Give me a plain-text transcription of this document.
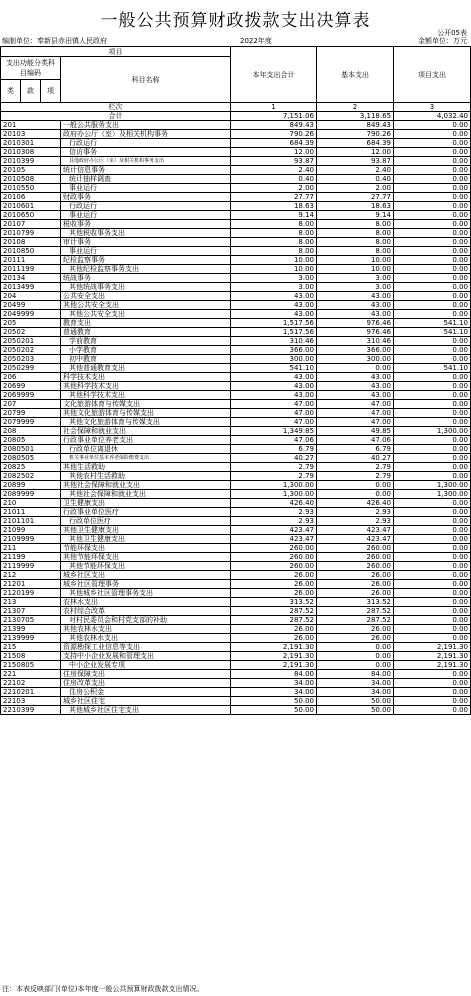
一般公共预算财政拨款支出决算表
公开05表
编制单位：奉新县赤田镇人民政府	2022年度	金额单位：万元
项目				本年支出合计	基本支出	项目支出
支出功能分类科目编码			科目名称			
类	款	项				
栏次				1	2	3
合计				7,151.06	3,118.65	4,032.40
201			一般公共服务支出	849.43	849.43	0.00
20103			政府办公厅（室）及相关机构事务	790.26	790.26	0.00
2010301			行政运行	684.39	684.39	0.00
2010308			信访事务	12.00	12.00	0.00
2010399			其他政府办公厅（室）及相关机构事务支出	93.87	93.87	0.00
20105			统计信息事务	2.40	2.40	0.00
2010508			统计抽样调查	0.40	0.40	0.00
2010550			事业运行	2.00	2.00	0.00
20106			财政事务	27.77	27.77	0.00
2010601			行政运行	18.63	18.63	0.00
2010650			事业运行	9.14	9.14	0.00
20107			税收事务	8.00	8.00	0.00
2010799			其他税收事务支出	8.00	8.00	0.00
20108			审计事务	8.00	8.00	0.00
2010850			事业运行	8.00	8.00	0.00
20111			纪检监察事务	10.00	10.00	0.00
2011199			其他纪检监察事务支出	10.00	10.00	0.00
20134			统战事务	3.00	3.00	0.00
2013499			其他统战事务支出	3.00	3.00	0.00
204			公共安全支出	43.00	43.00	0.00
20499			其他公共安全支出	43.00	43.00	0.00
2049999			其他公共安全支出	43.00	43.00	0.00
205			教育支出	1,517.56	976.46	541.10
20502			普通教育	1,517.56	976.46	541.10
2050201			学前教育	310.46	310.46	0.00
2050202			小学教育	366.00	366.00	0.00
2050203			初中教育	300.00	300.00	0.00
2050299			其他普通教育支出	541.10	0.00	541.10
206			科学技术支出	43.00	43.00	0.00
20699			其他科学技术支出	43.00	43.00	0.00
2069999			其他科学技术支出	43.00	43.00	0.00
207			文化旅游体育与传媒支出	47.00	47.00	0.00
20799			其他文化旅游体育与传媒支出	47.00	47.00	0.00
2079999			其他文化旅游体育与传媒支出	47.00	47.00	0.00
208			社会保障和就业支出	1,349.85	49.85	1,300.00
20805			行政事业单位养老支出	47.06	47.06	0.00
2080501			行政单位离退休	6.79	6.79	0.00
2080505			机关事业单位基本养老保险缴费支出	40.27	40.27	0.00
20825			其他生活救助	2.79	2.79	0.00
2082502			其他农村生活救助	2.79	2.79	0.00
20899			其他社会保障和就业支出	1,300.00	0.00	1,300.00
2089999			其他社会保障和就业支出	1,300.00	0.00	1,300.00
210			卫生健康支出	426.40	426.40	0.00
21011			行政事业单位医疗	2.93	2.93	0.00
2101101			行政单位医疗	2.93	2.93	0.00
21099			其他卫生健康支出	423.47	423.47	0.00
2109999			其他卫生健康支出	423.47	423.47	0.00
211			节能环保支出	260.00	260.00	0.00
21199			其他节能环保支出	260.00	260.00	0.00
2119999			其他节能环保支出	260.00	260.00	0.00
212			城乡社区支出	26.00	26.00	0.00
21201			城乡社区管理事务	26.00	26.00	0.00
2120199			其他城乡社区管理事务支出	26.00	26.00	0.00
213			农林水支出	313.52	313.52	0.00
21307			农村综合改革	287.52	287.52	0.00
2130705			对村民委员会和村党支部的补助	287.52	287.52	0.00
21399			其他农林水支出	26.00	26.00	0.00
2139999			其他农林水支出	26.00	26.00	0.00
215			资源勘探工业信息等支出	2,191.30	0.00	2,191.30
21508			支持中小企业发展和管理支出	2,191.30	0.00	2,191.30
2150805			中小企业发展专项	2,191.30	0.00	2,191.30
221			住房保障支出	84.00	84.00	0.00
22102			住房改革支出	34.00	34.00	0.00
2210201			住房公积金	34.00	34.00	0.00
22103			城乡社区住宅	50.00	50.00	0.00
2210399			其他城乡社区住宅支出	50.00	50.00	0.00
注：本表反映部门(单位)本年度一般公共预算财政拨款支出情况。
